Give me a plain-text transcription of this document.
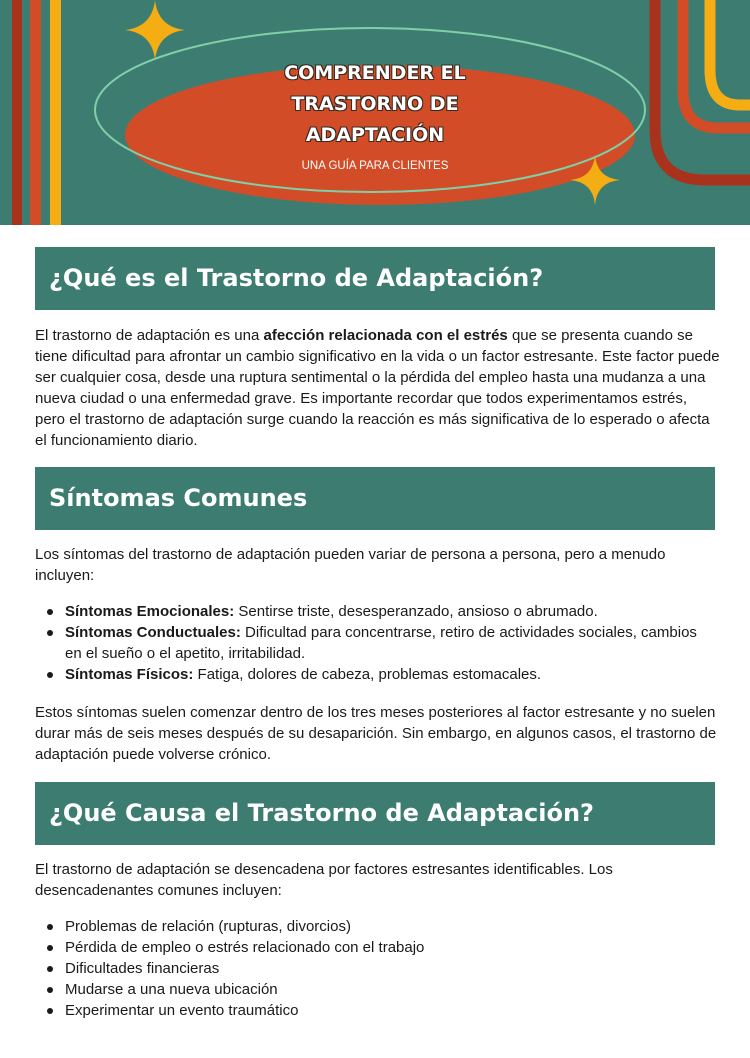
COMPRENDER EL TRASTORNO DE ADAPTACIÓN
UNA GUÍA PARA CLIENTES
¿Qué es el Trastorno de Adaptación?

El trastorno de adaptación es una afección relacionada con el estrés que se presenta cuando se tiene dificultad para afrontar un cambio significativo en la vida o un factor estresante. Este factor puede ser cualquier cosa, desde una ruptura sentimental o la pérdida del empleo hasta una mudanza a una nueva ciudad o una enfermedad grave. Es importante recordar que todos experimentamos estrés, pero el trastorno de adaptación surge cuando la reacción es más significativa de lo esperado o afecta el funcionamiento diario.

Síntomas Comunes

Los síntomas del trastorno de adaptación pueden variar de persona a persona, pero a menudo incluyen:

Síntomas Emocionales: Sentirse triste, desesperanzado, ansioso o abrumado.
Síntomas Conductuales: Dificultad para concentrarse, retiro de actividades sociales, cambios en el sueño o el apetito, irritabilidad.
Síntomas Físicos: Fatiga, dolores de cabeza, problemas estomacales.

Estos síntomas suelen comenzar dentro de los tres meses posteriores al factor estresante y no suelen durar más de seis meses después de su desaparición. Sin embargo, en algunos casos, el trastorno de adaptación puede volverse crónico.

¿Qué Causa el Trastorno de Adaptación?

El trastorno de adaptación se desencadena por factores estresantes identificables. Los desencadenantes comunes incluyen:

Problemas de relación (rupturas, divorcios)
Pérdida de empleo o estrés relacionado con el trabajo
Dificultades financieras
Mudarse a una nueva ubicación
Experimentar un evento traumático
